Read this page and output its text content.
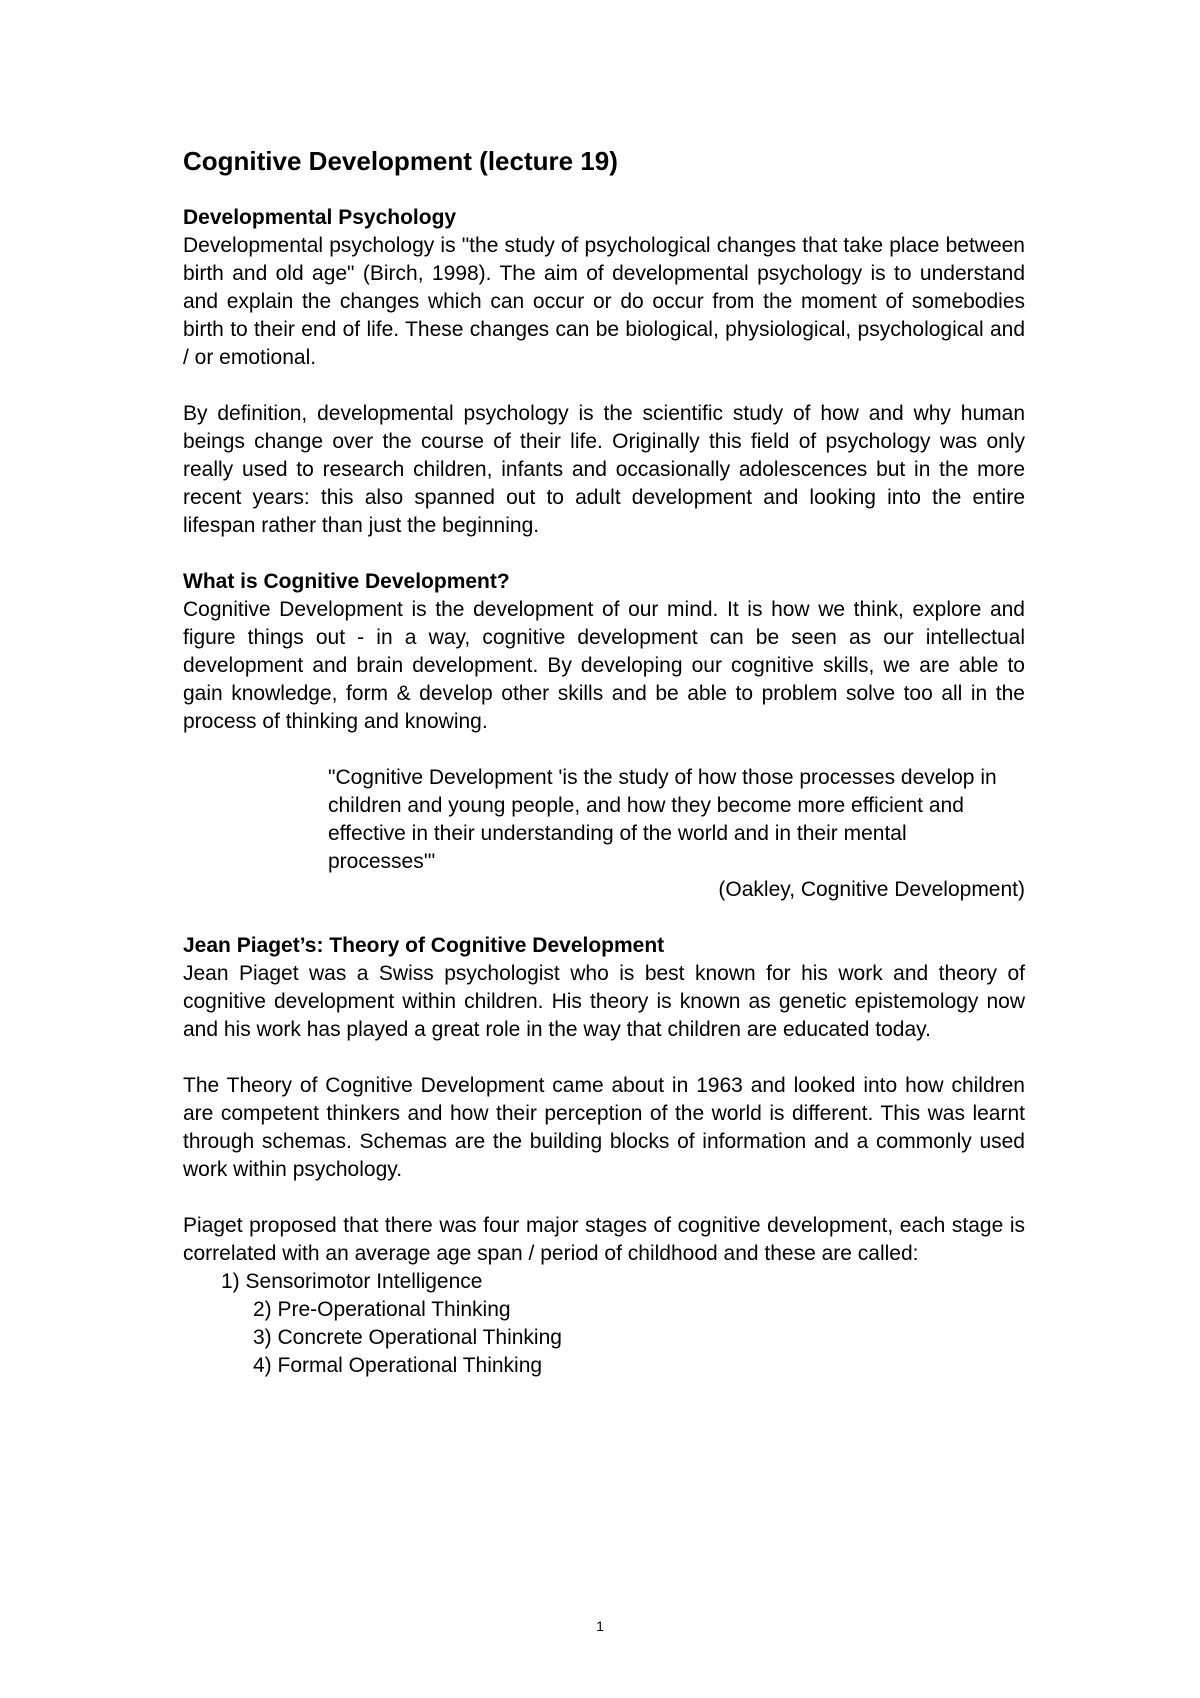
Cognitive Development (lecture 19)
Developmental Psychology

Developmental psychology is "the study of psychological changes that take place between birth and old age" (Birch, 1998). The aim of developmental psychology is to understand and explain the changes which can occur or do occur from the moment of somebodies birth to their end of life. These changes can be biological, physiological, psychological and / or emotional.

By definition, developmental psychology is the scientific study of how and why human beings change over the course of their life. Originally this field of psychology was only really used to research children, infants and occasionally adolescences but in the more recent years: this also spanned out to adult development and looking into the entire lifespan rather than just the beginning.

What is Cognitive Development?

Cognitive Development is the development of our mind. It is how we think, explore and figure things out - in a way, cognitive development can be seen as our intellectual development and brain development. By developing our cognitive skills, we are able to gain knowledge, form & develop other skills and be able to problem solve too all in the process of thinking and knowing.

"Cognitive Development 'is the study of how those processes develop in children and young people, and how they become more efficient and effective in their understanding of the world and in their mental processes'"
(Oakley, Cognitive Development)
Jean Piaget’s: Theory of Cognitive Development

Jean Piaget was a Swiss psychologist who is best known for his work and theory of cognitive development within children. His theory is known as genetic epistemology now and his work has played a great role in the way that children are educated today.

The Theory of Cognitive Development came about in 1963 and looked into how children are competent thinkers and how their perception of the world is different. This was learnt through schemas. Schemas are the building blocks of information and a commonly used work within psychology.

Piaget proposed that there was four major stages of cognitive development, each stage is correlated with an average age span / period of childhood and these are called:

1) Sensorimotor Intelligence
2) Pre-Operational Thinking
3) Concrete Operational Thinking
4) Formal Operational Thinking
1
